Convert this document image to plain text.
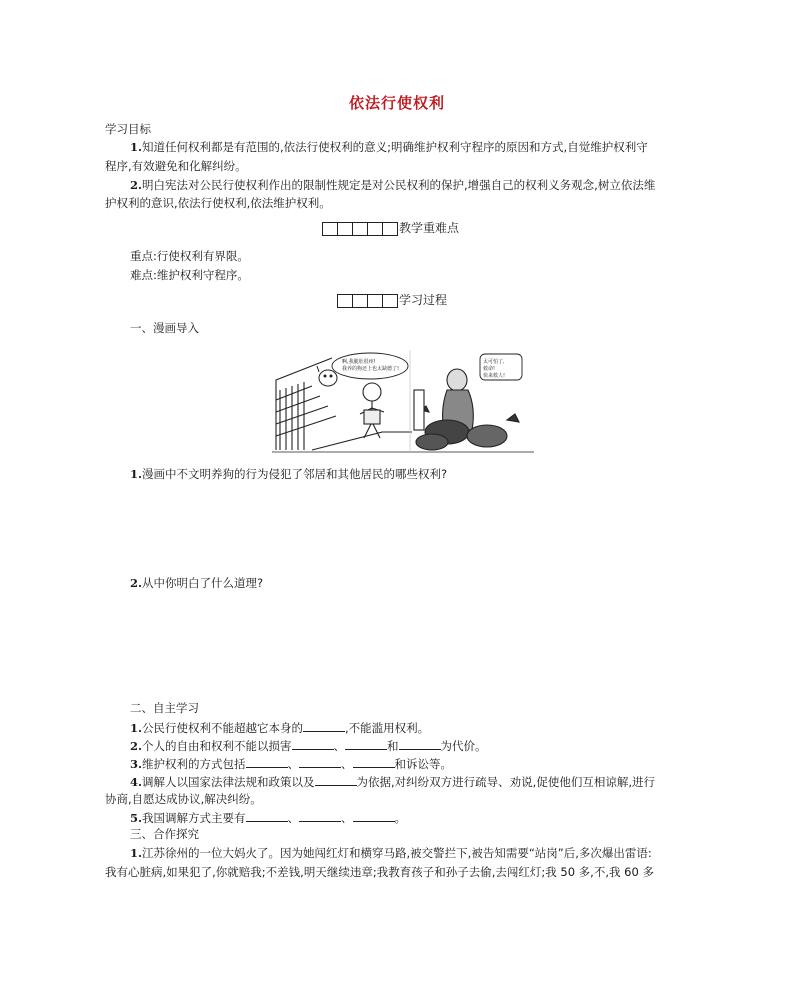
依法行使权利
学习目标
1.知道任何权利都是有范围的,依法行使权利的意义;明确维护权利守程序的原因和方式,自觉维护权利守
程序,有效避免和化解纠纷。
2.明白宪法对公民行使权利作出的限制性规定是对公民权利的保护,增强自己的权利义务观念,树立依法维
护权利的意识,依法行使权利,依法维护权利。
教学重难点
重点:行使权利有界限。
难点:维护权利守程序。
学习过程
一、漫画导入
啊,我腿肚很疼!
我养的狗还上也太缺德了!
太可怕了,
救命!
快来救人!
1.漫画中不文明养狗的行为侵犯了邻居和其他居民的哪些权利?
2.从中你明白了什么道理?
二、自主学习
1.公民行使权利不能超越它本身的	,不能滥用权利。
2.个人的自由和权利不能以损害	、	和	为代价。
3.维护权利的方式包括	、	、	和诉讼等。
4.调解人以国家法律法规和政策以及	为依据,对纠纷双方进行疏导、劝说,促使他们互相谅解,进行
协商,自愿达成协议,解决纠纷。
5.我国调解方式主要有	、	、	。
三、合作探究
1.江苏徐州的一位大妈火了。因为她闯红灯和横穿马路,被交警拦下,被告知需要“站岗”后,多次爆出雷语:
我有心脏病,如果犯了,你就赔我;不差钱,明天继续违章;我教育孩子和孙子去偷,去闯红灯;我 50 多,不,我 60 多
